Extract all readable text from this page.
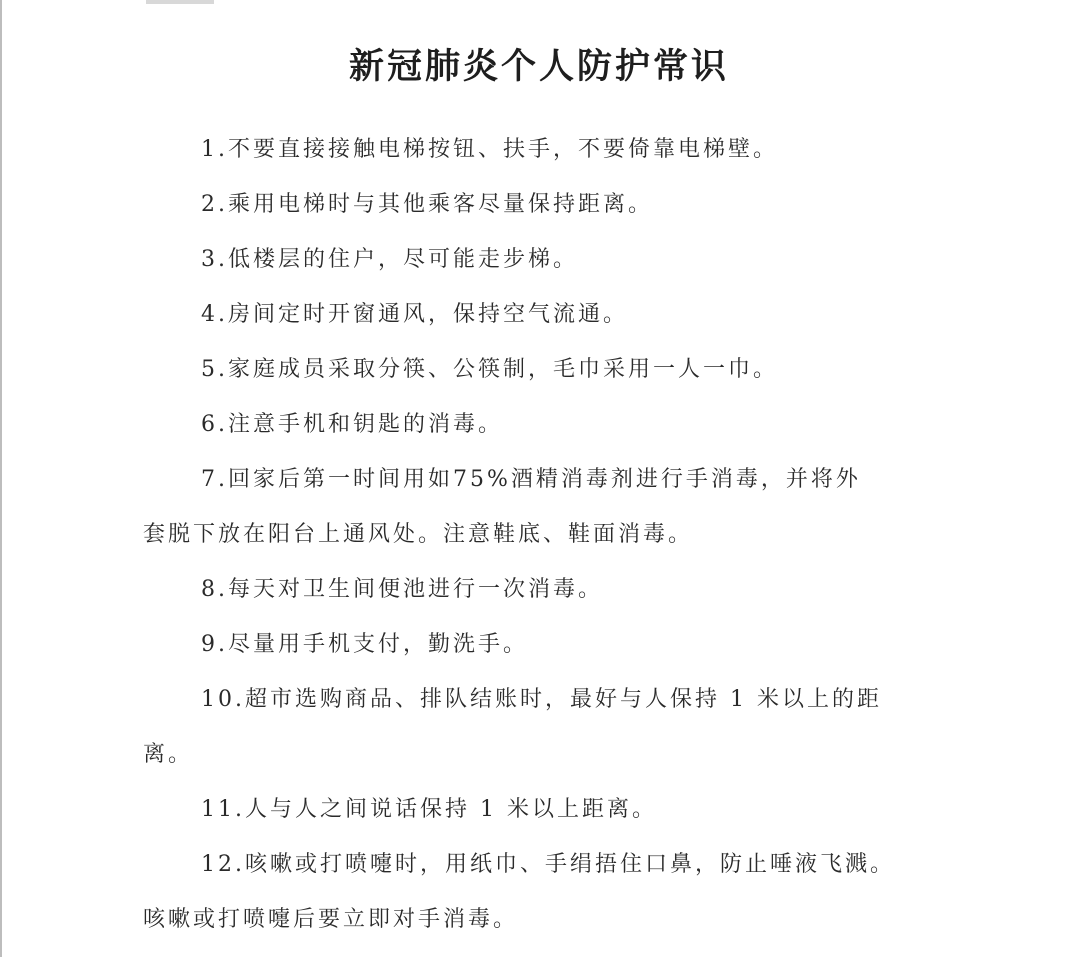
新冠肺炎个人防护常识

1.不要直接接触电梯按钮、扶手，不要倚靠电梯壁。

2.乘用电梯时与其他乘客尽量保持距离。

3.低楼层的住户，尽可能走步梯。

4.房间定时开窗通风，保持空气流通。

5.家庭成员采取分筷、公筷制，毛巾采用一人一巾。

6.注意手机和钥匙的消毒。

7.回家后第一时间用如75%酒精消毒剂进行手消毒，并将外
套脱下放在阳台上通风处。注意鞋底、鞋面消毒。

8.每天对卫生间便池进行一次消毒。

9.尽量用手机支付，勤洗手。

10.超市选购商品、排队结账时，最好与人保持 1 米以上的距
离。

11.人与人之间说话保持 1 米以上距离。

12.咳嗽或打喷嚏时，用纸巾、手绢捂住口鼻，防止唾液飞溅。
咳嗽或打喷嚏后要立即对手消毒。
